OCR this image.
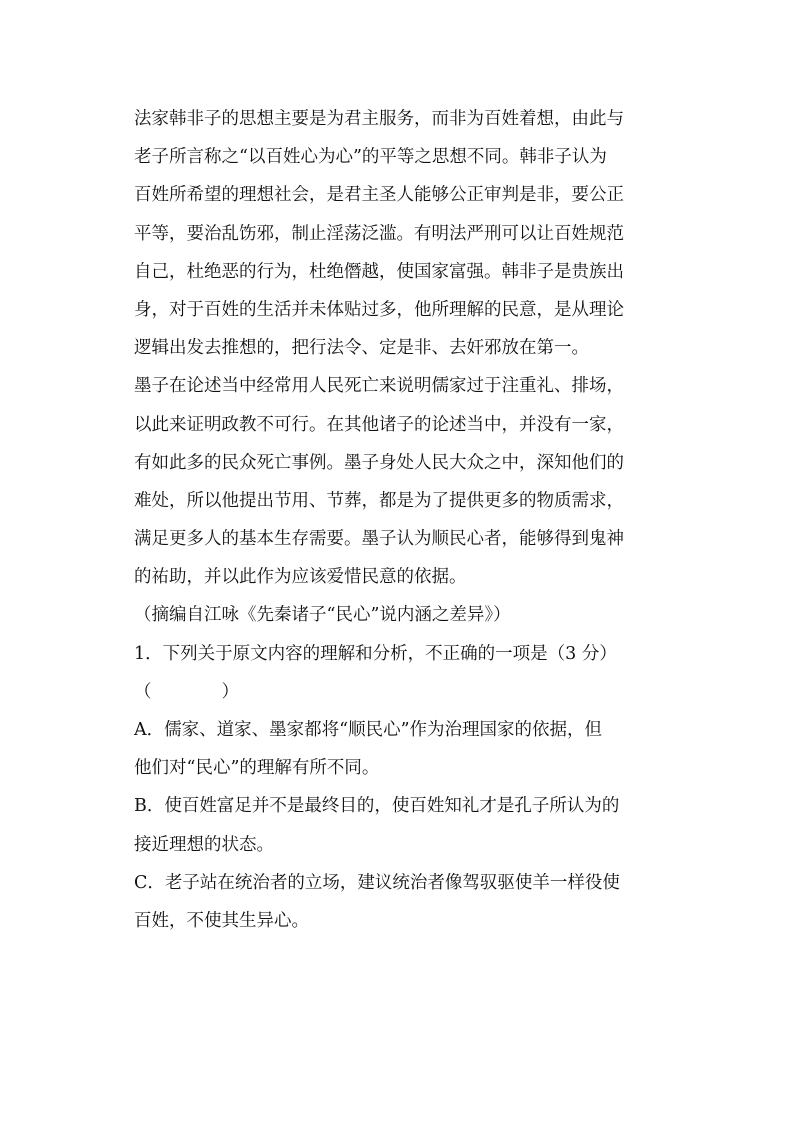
法家韩非子的思想主要是为君主服务，而非为百姓着想，由此与
老子所言称之“以百姓心为心”的平等之思想不同。韩非子认为
百姓所希望的理想社会，是君主圣人能够公正审判是非，要公正
平等，要治乱饬邪，制止淫荡泛滥。有明法严刑可以让百姓规范
自己，杜绝恶的行为，杜绝僭越，使国家富强。韩非子是贵族出
身，对于百姓的生活并未体贴过多，他所理解的民意，是从理论
逻辑出发去推想的，把行法令、定是非、去奸邪放在第一。
墨子在论述当中经常用人民死亡来说明儒家过于注重礼、排场，
以此来证明政教不可行。在其他诸子的论述当中，并没有一家，
有如此多的民众死亡事例。墨子身处人民大众之中，深知他们的
难处，所以他提出节用、节葬，都是为了提供更多的物质需求，
满足更多人的基本生存需要。墨子认为顺民心者，能够得到鬼神
的祐助，并以此作为应该爱惜民意的依据。
（摘编自江咏《先秦诸子“民心”说内涵之差异》）
1．下列关于原文内容的理解和分析，不正确的一项是（3 分）
（　　　　）
A．儒家、道家、墨家都将“顺民心”作为治理国家的依据，但
他们对“民心”的理解有所不同。
B．使百姓富足并不是最终目的，使百姓知礼才是孔子所认为的
接近理想的状态。
C．老子站在统治者的立场，建议统治者像驾驭驱使羊一样役使
百姓，不使其生异心。
